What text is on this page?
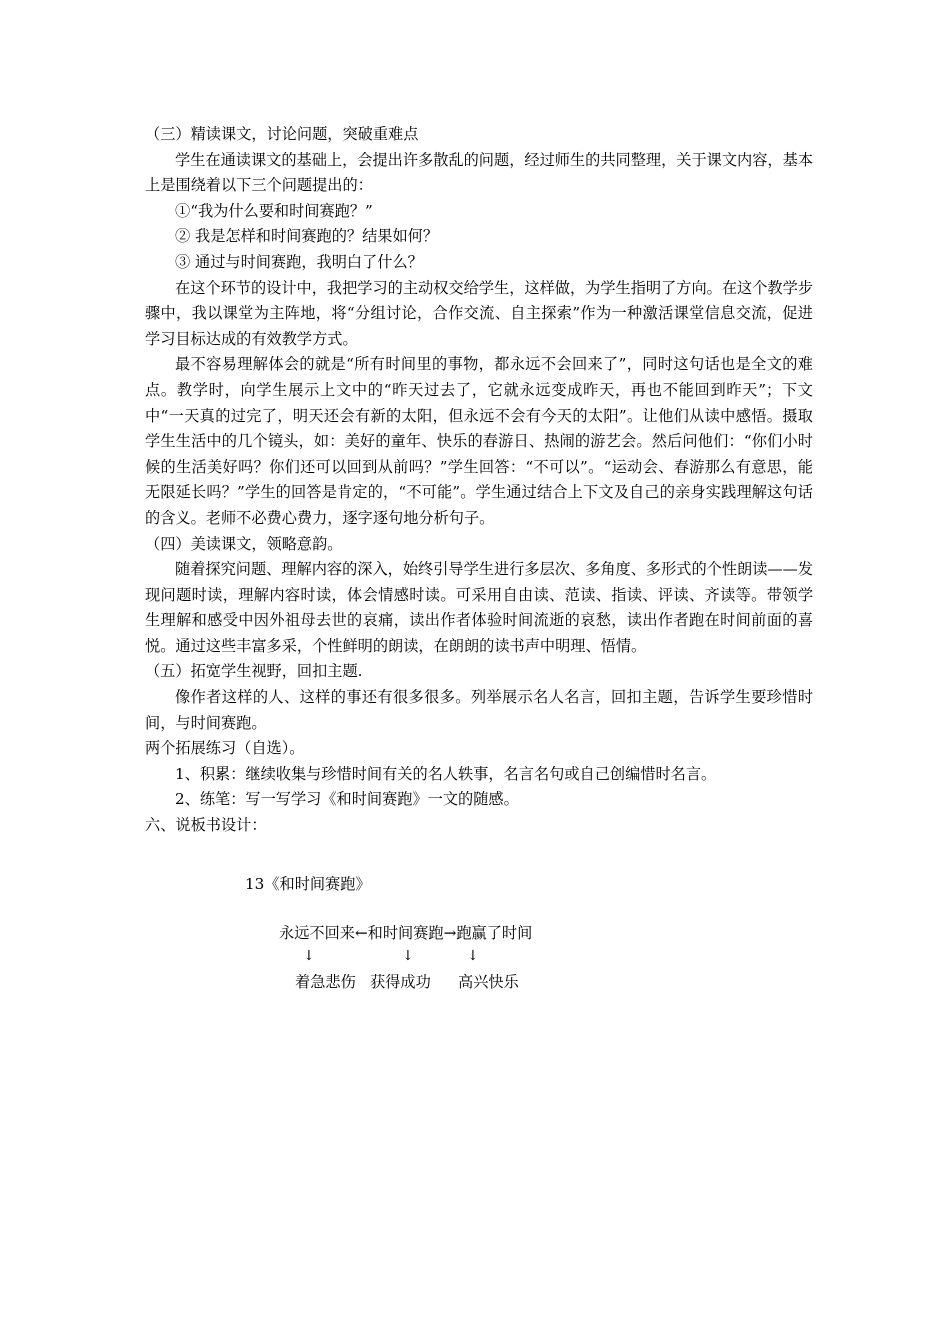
（三）精读课文，讨论问题，突破重难点

学生在通读课文的基础上，会提出许多散乱的问题，经过师生的共同整理，关于课文内容，基本上是围绕着以下三个问题提出的：

①“我为什么要和时间赛跑？”

② 我是怎样和时间赛跑的？结果如何？

③ 通过与时间赛跑，我明白了什么？

在这个环节的设计中，我把学习的主动权交给学生，这样做，为学生指明了方向。在这个教学步骤中，我以课堂为主阵地，将“分组讨论，合作交流、自主探索”作为一种激活课堂信息交流，促进学习目标达成的有效教学方式。

最不容易理解体会的就是“所有时间里的事物，都永远不会回来了”，同时这句话也是全文的难点。教学时，向学生展示上文中的“昨天过去了，它就永远变成昨天，再也不能回到昨天”；下文中“一天真的过完了，明天还会有新的太阳，但永远不会有今天的太阳”。让他们从读中感悟。摄取学生生活中的几个镜头，如：美好的童年、快乐的春游日、热闹的游艺会。然后问他们：“你们小时候的生活美好吗？你们还可以回到从前吗？”学生回答：“不可以”。“运动会、春游那么有意思，能无限延长吗？”学生的回答是肯定的，“不可能”。学生通过结合上下文及自己的亲身实践理解这句话的含义。老师不必费心费力，逐字逐句地分析句子。

（四）美读课文，领略意韵。

随着探究问题、理解内容的深入，始终引导学生进行多层次、多角度、多形式的个性朗读——发现问题时读，理解内容时读，体会情感时读。可采用自由读、范读、指读、评读、齐读等。带领学生理解和感受中因外祖母去世的哀痛，读出作者体验时间流逝的哀愁，读出作者跑在时间前面的喜悦。通过这些丰富多采，个性鲜明的朗读，在朗朗的读书声中明理、悟情。

（五）拓宽学生视野，回扣主题.

像作者这样的人、这样的事还有很多很多。列举展示名人名言，回扣主题，告诉学生要珍惜时间，与时间赛跑。

两个拓展练习（自选）。

1、积累：继续收集与珍惜时间有关的名人轶事，名言名句或自己创编惜时名言。

2、练笔：写一写学习《和时间赛跑》一文的随感。

六、说板书设计：

13《和时间赛跑》
永远不回来←和时间赛跑→跑赢了时间
↓	↓	↓
着急悲伤 获得成功 高兴快乐
